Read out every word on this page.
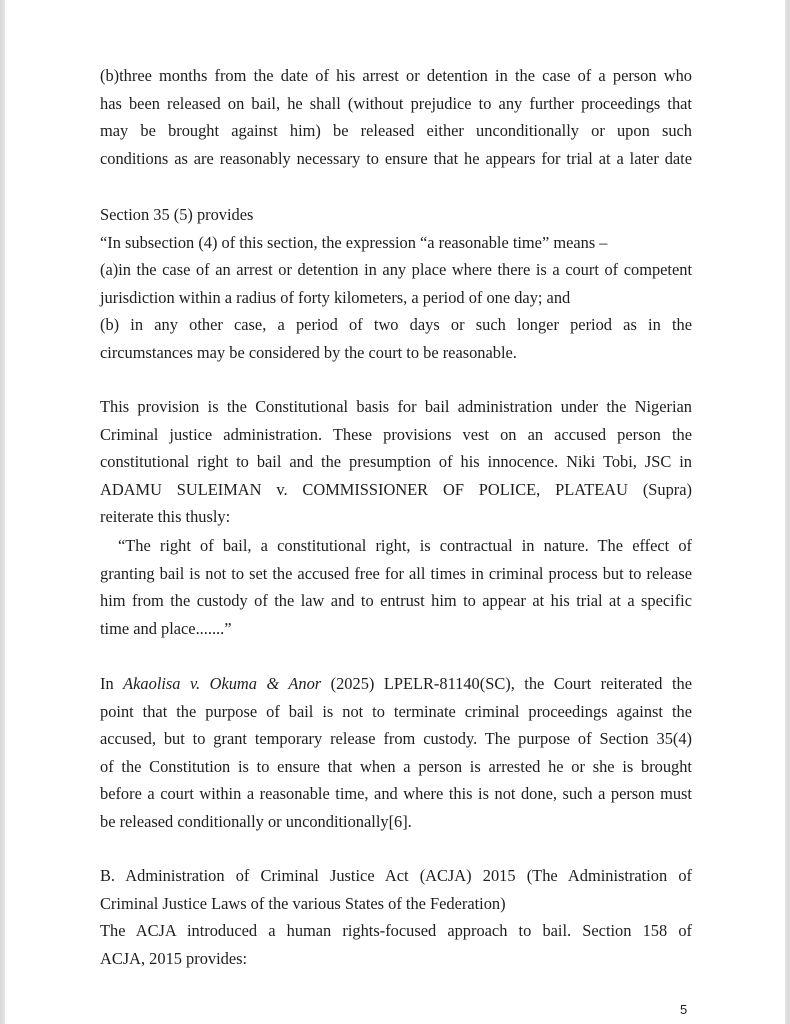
(b)three months from the date of his arrest or detention in the case of a person who
has been released on bail, he shall (without prejudice to any further proceedings that
may be brought against him) be released either unconditionally or upon such
conditions as are reasonably necessary to ensure that he appears for trial at a later date
Section 35 (5) provides
“In subsection (4) of this section, the expression “a reasonable time” means –
(a)in the case of an arrest or detention in any place where there is a court of competent
jurisdiction within a radius of forty kilometers, a period of one day; and
(b) in any other case, a period of two days or such longer period as in the
circumstances may be considered by the court to be reasonable.
This provision is the Constitutional basis for bail administration under the Nigerian
Criminal justice administration. These provisions vest on an accused person the
constitutional right to bail and the presumption of his innocence. Niki Tobi, JSC in
ADAMU SULEIMAN v. COMMISSIONER OF POLICE, PLATEAU (Supra)
reiterate this thusly:
“The right of bail, a constitutional right, is contractual in nature. The effect of
granting bail is not to set the accused free for all times in criminal process but to release
him from the custody of the law and to entrust him to appear at his trial at a specific
time and place.......”
In Akaolisa v. Okuma & Anor (2025) LPELR-81140(SC), the Court reiterated the
point that the purpose of bail is not to terminate criminal proceedings against the
accused, but to grant temporary release from custody. The purpose of Section 35(4)
of the Constitution is to ensure that when a person is arrested he or she is brought
before a court within a reasonable time, and where this is not done, such a person must
be released conditionally or unconditionally[6].
B. Administration of Criminal Justice Act (ACJA) 2015 (The Administration of
Criminal Justice Laws of the various States of the Federation)
The ACJA introduced a human rights-focused approach to bail. Section 158 of
ACJA, 2015 provides:
5
